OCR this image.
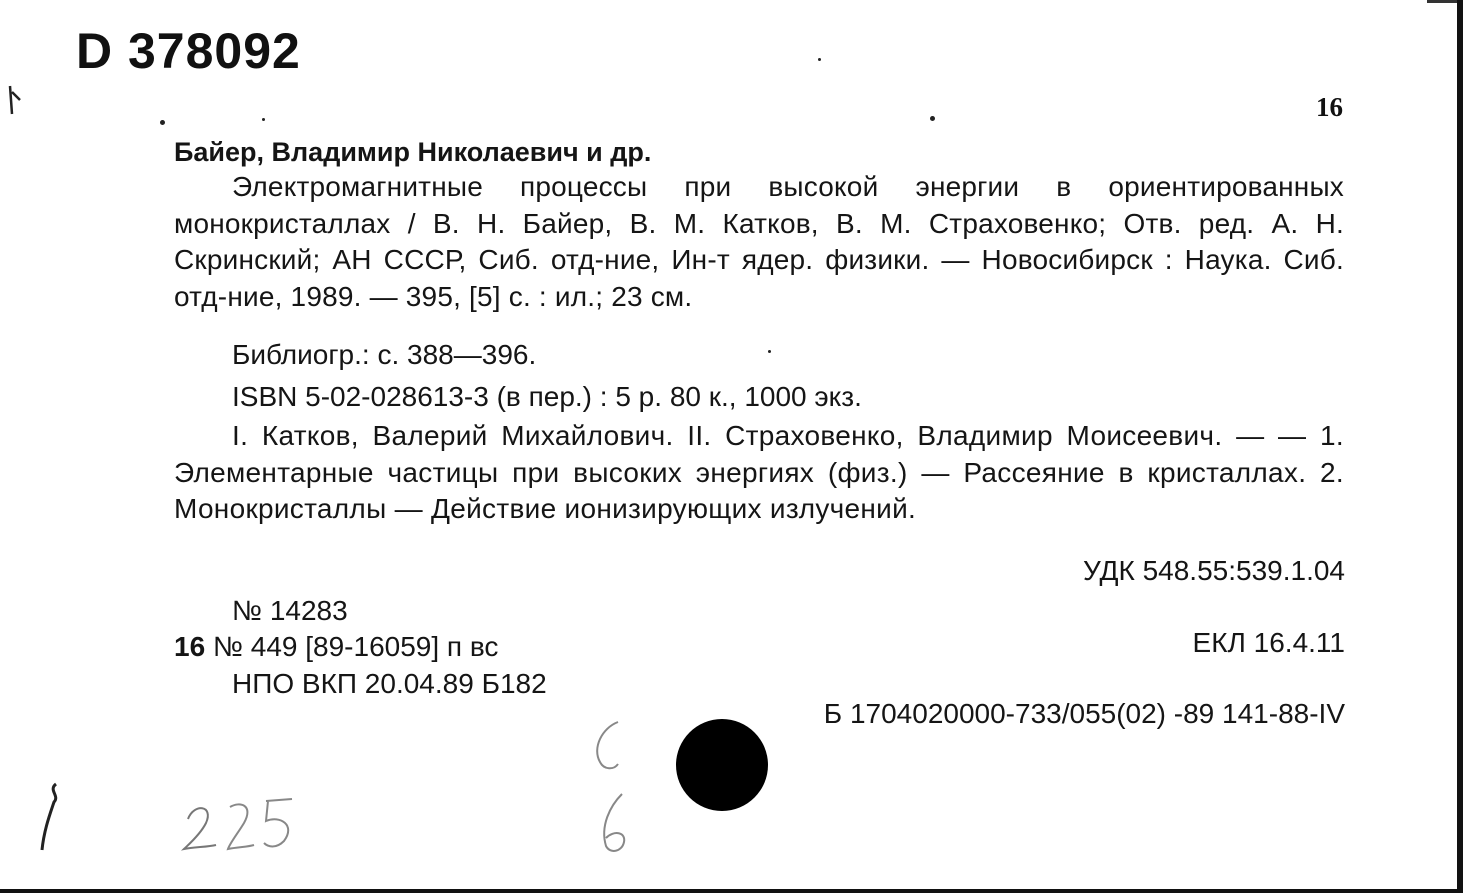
D 378092
16
Байер, Владимир Николаевич и др.
Электромагнитные процессы при высокой энергии в ориентированных монокристаллах / В. Н. Байер, В. М. Катков, В. М. Страховенко; Отв. ред. А. Н. Скринский; АН СССР, Сиб. отд-ние, Ин-т ядер. физики. — Новосибирск : Наука. Сиб. отд-ние, 1989. — 395, [5] с. : ил.; 23 см.
Библиогр.: с. 388—396.
ISBN 5-02-028613-3 (в пер.) : 5 р. 80 к., 1000 экз.
I. Катков, Валерий Михайлович. II. Страховенко, Владимир Моисеевич. — — 1. Элементарные частицы при высоких энергиях (физ.) — Рассеяние в кристаллах. 2. Монокристаллы — Действие ионизирующих излучений.
УДК 548.55:539.1.04
№ 14283
16 № 449 [89-16059] п вс	ЕКЛ 16.4.11
НПО ВКП 20.04.89 Б182
Б 1704020000-733/055(02) -89 141-88-IV
